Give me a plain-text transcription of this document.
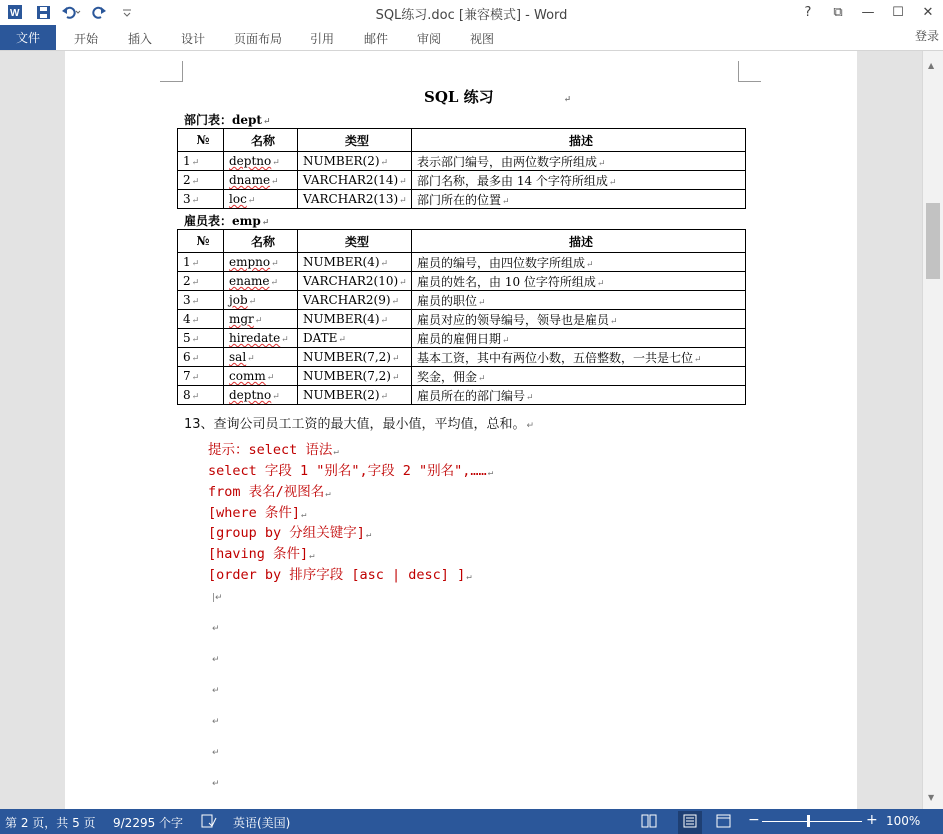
W	SQL练习.doc [兼容模式] - Word	?	⧉	—	☐	✕
文件	开始 插入 设计 页面布局 引用 邮件 审阅 视图	登录
SQL 练习	↵
部门表：dept↵
№	名称	类型	描述
1↵	deptno↵	NUMBER(2)↵	表示部门编号，由两位数字所组成↵
2↵	dname↵	VARCHAR2(14)↵	部门名称，最多由 14 个字符所组成↵
3↵	loc↵	VARCHAR2(13)↵	部门所在的位置↵
雇员表：emp↵
№	名称	类型	描述
1↵	empno↵	NUMBER(4)↵	雇员的编号，由四位数字所组成↵
2↵	ename↵	VARCHAR2(10)↵	雇员的姓名，由 10 位字符所组成↵
3↵	job↵	VARCHAR2(9)↵	雇员的职位↵
4↵	mgr↵	NUMBER(4)↵	雇员对应的领导编号，领导也是雇员↵
5↵	hiredate↵	DATE↵	雇员的雇佣日期↵
6↵	sal↵	NUMBER(7,2)↵	基本工资，其中有两位小数，五倍整数，一共是七位↵
7↵	comm↵	NUMBER(7,2)↵	奖金，佣金↵
8↵	deptno↵	NUMBER(2)↵	雇员所在的部门编号↵
13、查询公司员工工资的最大值，最小值，平均值，总和。↵
提示：select 语法↵
select 字段 1 "别名",字段 2 "别名",……↵
from 表名/视图名↵
[where 条件]↵
[group by 分组关键字]↵
[having 条件]↵
[order by 排序字段 [asc | desc] ]↵
|↵
↵
↵
↵
↵
↵
↵
▲
▼
第 2 页，共 5 页 9/2295 个字	英语(美国)	−	+ 100%
